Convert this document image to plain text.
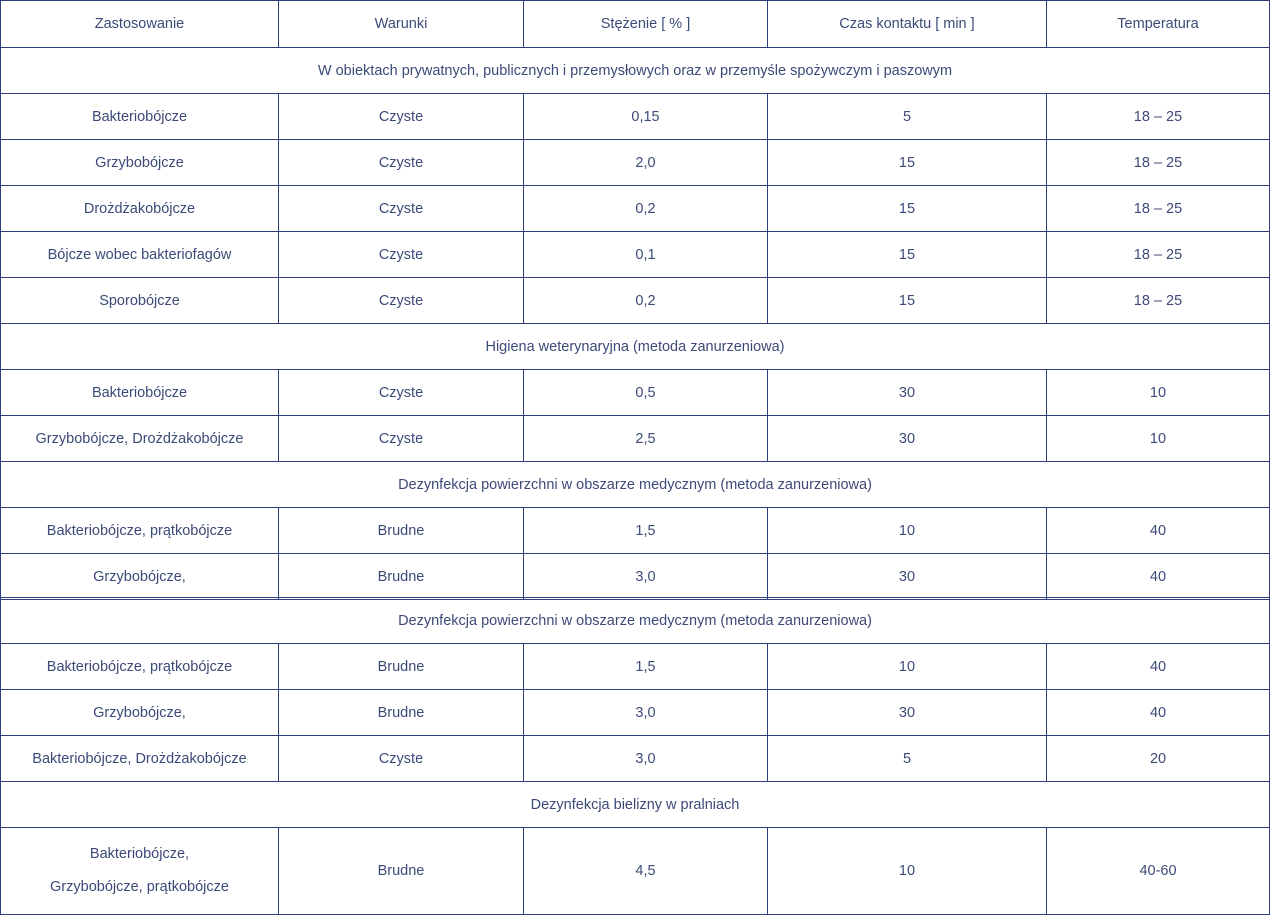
Zastosowanie	Warunki	Stężenie [ % ]	Czas kontaktu [ min ]	Temperatura
W obiektach prywatnych, publicznych i przemysłowych oraz w przemyśle spożywczym i paszowym				
Bakteriobójcze	Czyste	0,15	5	18 – 25
Grzybobójcze	Czyste	2,0	15	18 – 25
Drożdżakobójcze	Czyste	0,2	15	18 – 25
Bójcze wobec bakteriofagów	Czyste	0,1	15	18 – 25
Sporobójcze	Czyste	0,2	15	18 – 25
Higiena weterynaryjna (metoda zanurzeniowa)				
Bakteriobójcze	Czyste	0,5	30	10
Grzybobójcze, Drożdżakobójcze	Czyste	2,5	30	10
Dezynfekcja powierzchni w obszarze medycznym (metoda zanurzeniowa)				
Bakteriobójcze, prątkobójcze	Brudne	1,5	10	40
Grzybobójcze,	Brudne	3,0	30	40
Dezynfekcja powierzchni w obszarze medycznym (metoda zanurzeniowa)				
Bakteriobójcze, prątkobójcze	Brudne	1,5	10	40
Grzybobójcze,	Brudne	3,0	30	40
Bakteriobójcze, Drożdżakobójcze	Czyste	3,0	5	20
Dezynfekcja bielizny w pralniach				

Bakteriobójcze,
Grzybobójcze, prątkobójcze	Brudne	4,5	10	40-60
